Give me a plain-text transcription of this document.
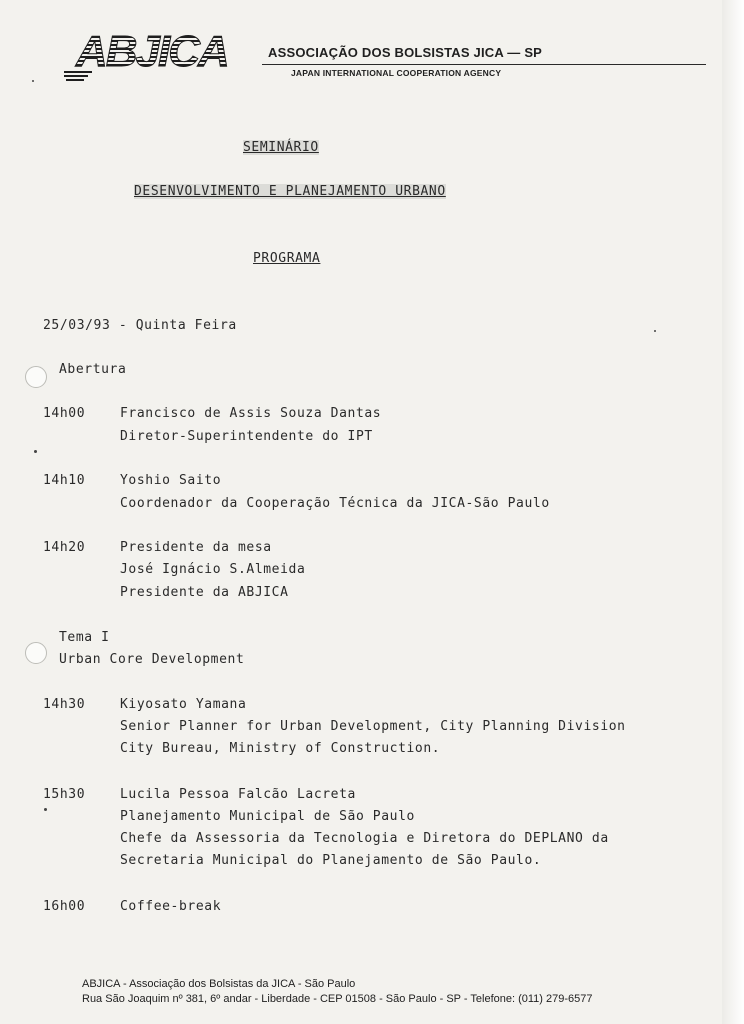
ABJICA	ASSOCIAÇÃO DOS BOLSISTAS JICA — SP
JAPAN INTERNATIONAL COOPERATION AGENCY
SEMINÁRIO
DESENVOLVIMENTO E PLANEJAMENTO URBANO
PROGRAMA
25/03/93 - Quinta Feira
Abertura
14h00	Francisco de Assis Souza Dantas
Diretor-Superintendente do IPT
14h10	Yoshio Saito
Coordenador da Cooperação Técnica da JICA-São Paulo
14h20	Presidente da mesa
José Ignácio S.Almeida
Presidente da ABJICA
Tema I
Urban Core Development
14h30	Kiyosato Yamana
Senior Planner for Urban Development, City Planning Division
City Bureau, Ministry of Construction.
15h30	Lucila Pessoa Falcão Lacreta
Planejamento Municipal de São Paulo
Chefe da Assessoria da Tecnologia e Diretora do DEPLANO da
Secretaria Municipal do Planejamento de São Paulo.
16h00	Coffee-break
ABJICA - Associação dos Bolsistas da JICA - São Paulo
Rua São Joaquim nº 381, 6º andar - Liberdade - CEP 01508 - São Paulo - SP - Telefone: (011) 279-6577
